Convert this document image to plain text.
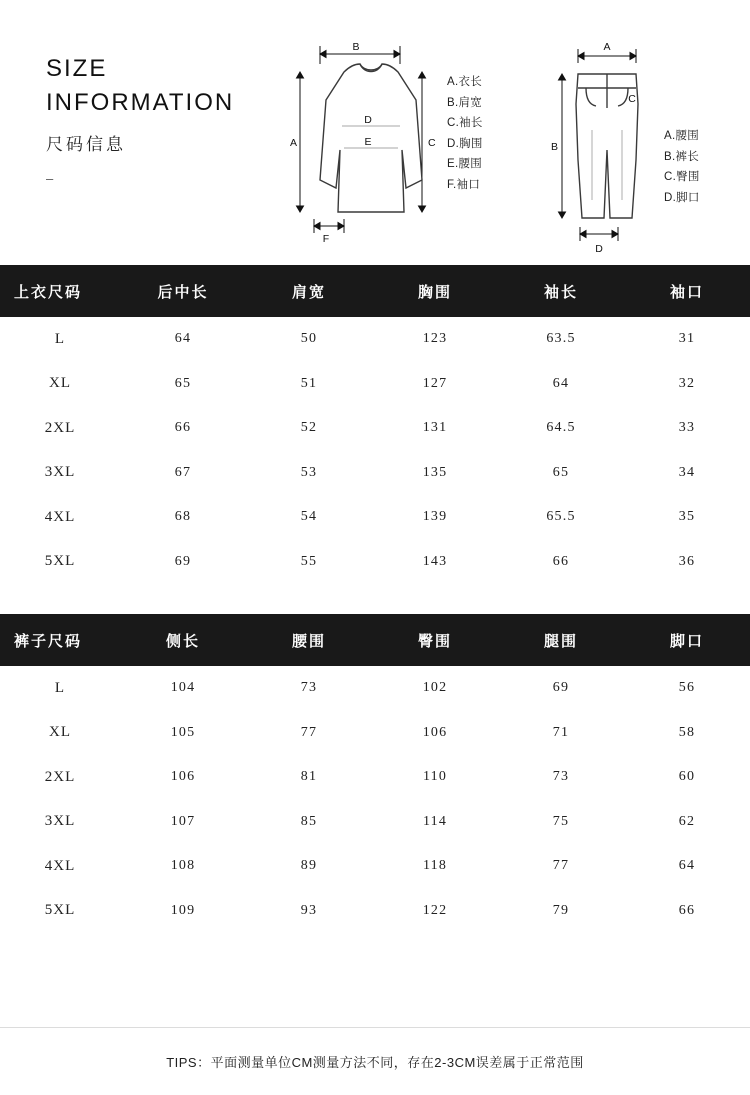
SIZE
INFORMATION
尺码信息
–
B
A	C
D
E
F
A.衣长
B.肩宽
C.袖长
D.胸围
E.腰围
F.袖口
A
B
C
D
A.腰围
B.裤长
C.臀围
D.脚口
上衣尺码	后中长	肩宽	胸围	袖长	袖口
L	64	50	123	63.5	31
XL	65	51	127	64	32
2XL	66	52	131	64.5	33
3XL	67	53	135	65	34
4XL	68	54	139	65.5	35
5XL	69	55	143	66	36
裤子尺码	侧长	腰围	臀围	腿围	脚口
L	104	73	102	69	56
XL	105	77	106	71	58
2XL	106	81	110	73	60
3XL	107	85	114	75	62
4XL	108	89	118	77	64
5XL	109	93	122	79	66
TIPS：平面测量单位CM测量方法不同，存在2-3CM误差属于正常范围
